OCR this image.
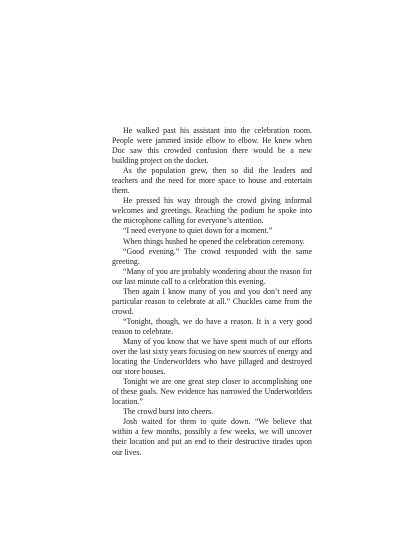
He walked past his assistant into the celebration room. People were jammed inside elbow to elbow. He knew when Doc saw this crowded confusion there would be a new building project on the docket.

As the population grew, then so did the leaders and teachers and the need for more space to house and entertain them.

He pressed his way through the crowd giving informal welcomes and greetings. Reaching the podium he spoke into the microphone calling for everyone’s attention.

“I need everyone to quiet down for a moment.”

When things hushed he opened the celebration ceremony.

“Good evening.” The crowd responded with the same greeting.

“Many of you are probably wondering about the reason for our last minute call to a celebration this evening.

Then again I know many of you and you don’t need any particular reason to celebrate at all.” Chuckles came from the crowd.

“Tonight, though, we do have a reason. It is a very good reason to celebrate.

Many of you know that we have spent much of our efforts over the last sixty years focusing on new sources of energy and locating the Underworlders who have pillaged and destroyed our store houses.

Tonight we are one great step closer to accomplishing one of these goals. New evidence has narrowed the Underworlders location.”

The crowd burst into cheers.

Josh waited for them to quite down. “We believe that within a few months, possibly a few weeks, we will uncover their location and put an end to their destructive tirades upon our lives.
